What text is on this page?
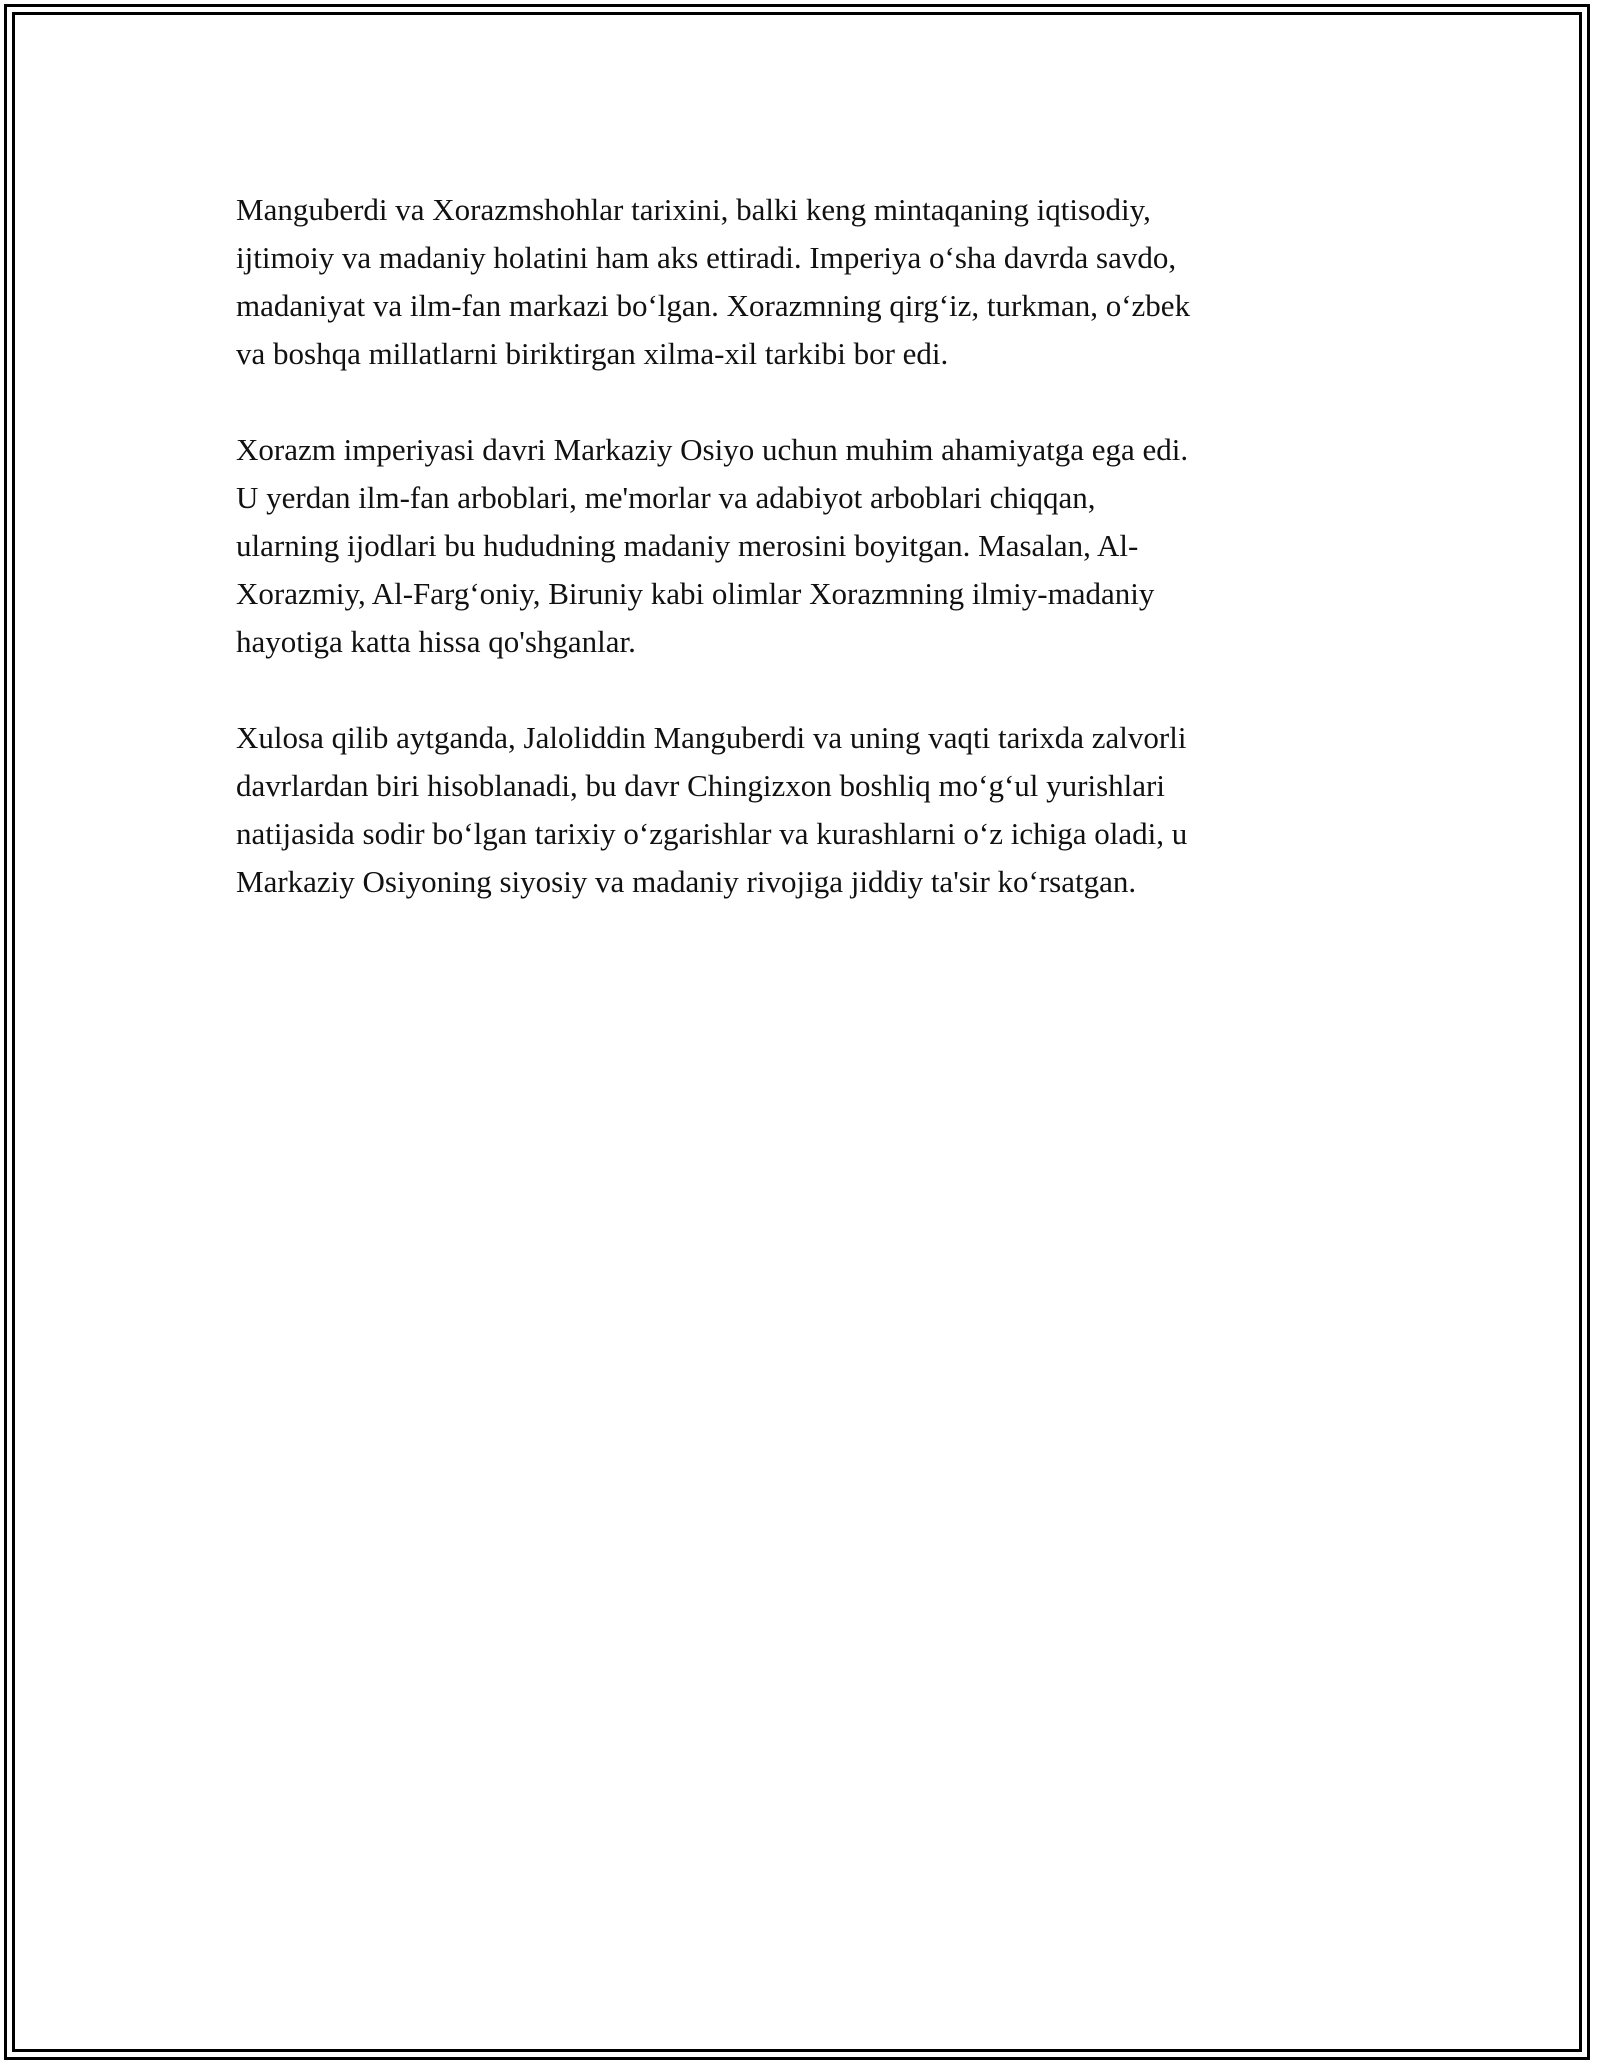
Manguberdi va Xorazmshohlar tarixini, balki keng mintaqaning iqtisodiy,
ijtimoiy va madaniy holatini ham aks ettiradi. Imperiya o‘sha davrda savdo,
madaniyat va ilm-fan markazi bo‘lgan. Xorazmning qirg‘iz, turkman, o‘zbek
va boshqa millatlarni biriktirgan xilma-xil tarkibi bor edi.

Xorazm imperiyasi davri Markaziy Osiyo uchun muhim ahamiyatga ega edi.
U yerdan ilm-fan arboblari, me'morlar va adabiyot arboblari chiqqan,
ularning ijodlari bu hududning madaniy merosini boyitgan. Masalan, Al-
Xorazmiy, Al-Farg‘oniy, Biruniy kabi olimlar Xorazmning ilmiy-madaniy
hayotiga katta hissa qo'shganlar.

Xulosa qilib aytganda, Jaloliddin Manguberdi va uning vaqti tarixda zalvorli
davrlardan biri hisoblanadi, bu davr Chingizxon boshliq mo‘g‘ul yurishlari
natijasida sodir bo‘lgan tarixiy o‘zgarishlar va kurashlarni o‘z ichiga oladi, u
Markaziy Osiyoning siyosiy va madaniy rivojiga jiddiy ta'sir ko‘rsatgan.
